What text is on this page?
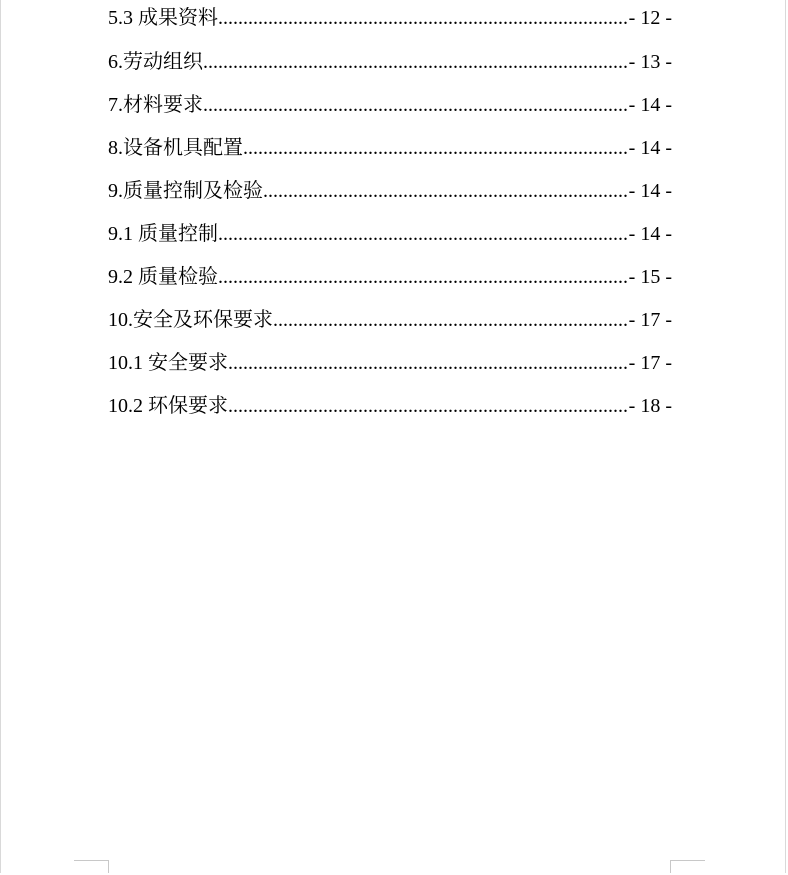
5.3 成果资料 .....	- 12 -
6.劳动组织 .....	- 13 -
7.材料要求 .....	- 14 -
8.设备机具配置 .....	- 14 -
9.质量控制及检验 .....	- 14 -
9.1 质量控制 .....	- 14 -
9.2 质量检验 .....	- 15 -
10.安全及环保要求 .....	- 17 -
10.1 安全要求 .....	- 17 -
10.2 环保要求 .....	- 18 -
